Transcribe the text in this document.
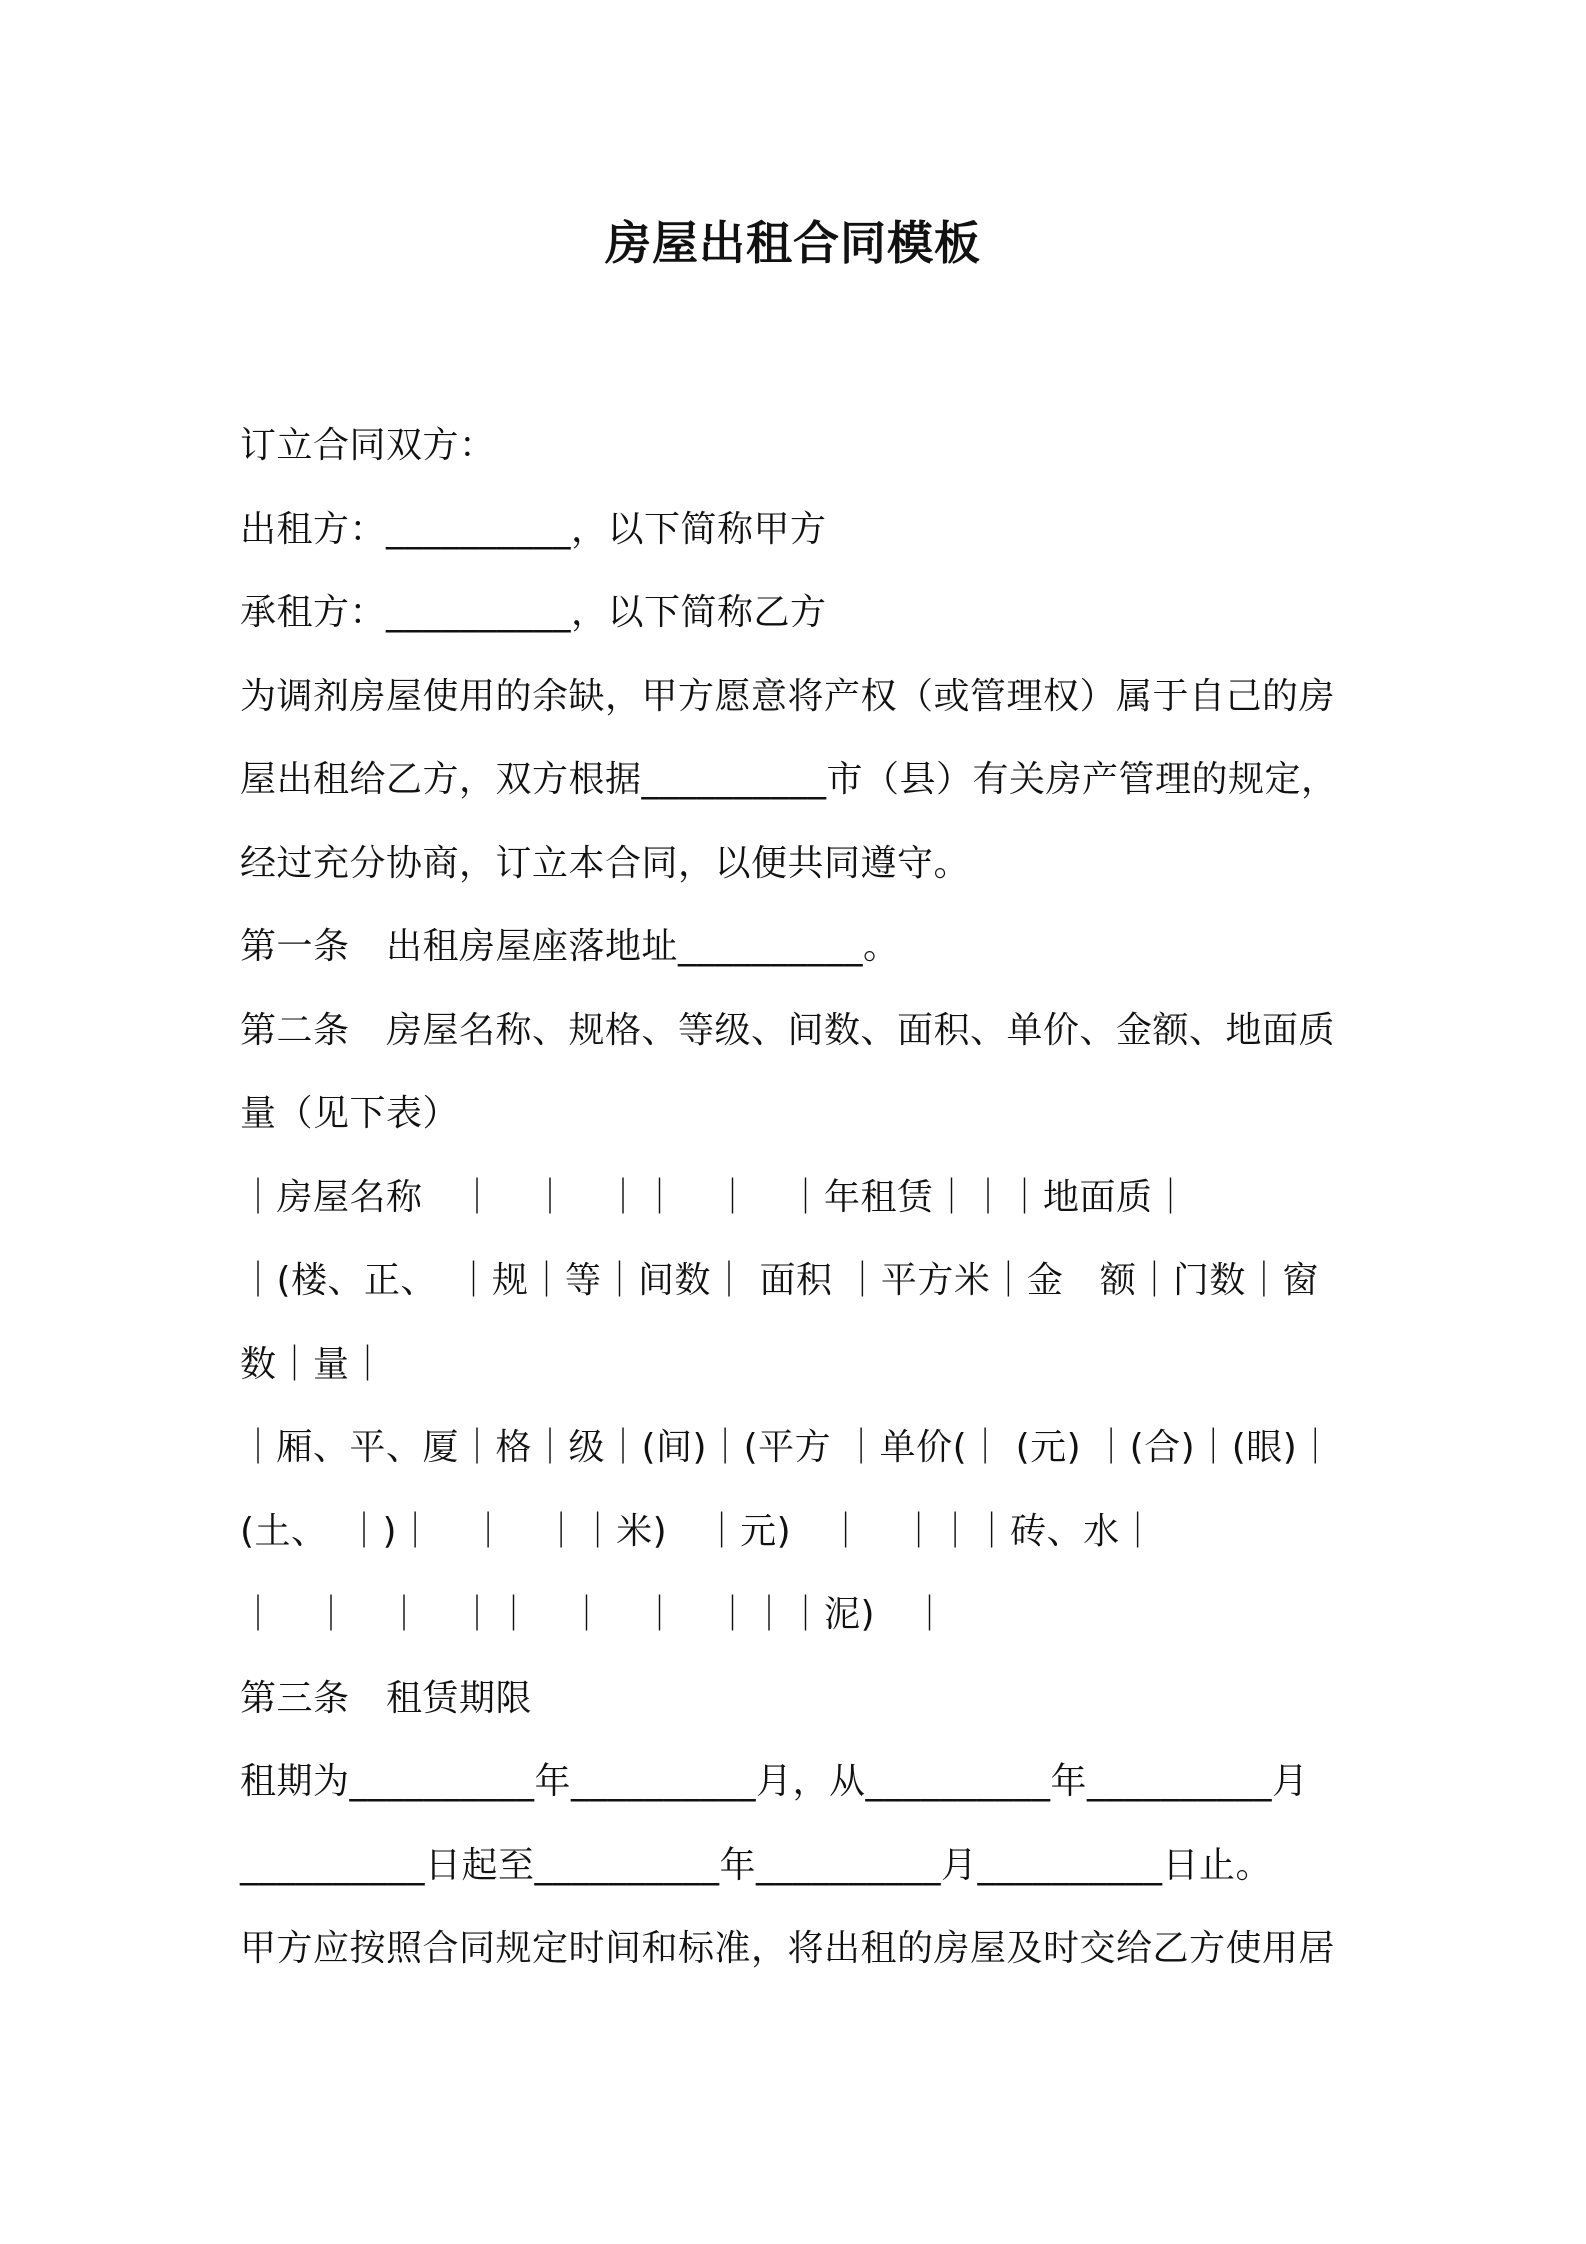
房屋出租合同模板
订立合同双方：
出租方：__________，以下简称甲方
承租方：__________，以下简称乙方
为调剂房屋使用的余缺，甲方愿意将产权（或管理权）属于自己的房
屋出租给乙方，双方根据__________市（县）有关房产管理的规定，
经过充分协商，订立本合同，以便共同遵守。
第一条　出租房屋座落地址__________。
第二条　房屋名称、规格、等级、间数、面积、单价、金额、地面质
量（见下表）
｜房屋名称　｜　｜　｜｜　｜　｜年租赁｜｜｜地面质｜
｜(楼、正、　｜规｜等｜间数｜ 面积 ｜平方米｜金　额｜门数｜窗
数｜量｜
｜厢、平、厦｜格｜级｜(间)｜(平方 ｜单价(｜ (元) ｜(合)｜(眼)｜
(土、　｜)｜　｜　｜｜米)　｜元)　｜　｜｜｜砖、水｜
｜　｜　｜　｜｜　｜　｜　｜｜｜泥)　｜
第三条　租赁期限
租期为__________年__________月，从__________年__________月
__________日起至__________年__________月__________日止。
甲方应按照合同规定时间和标准，将出租的房屋及时交给乙方使用居
